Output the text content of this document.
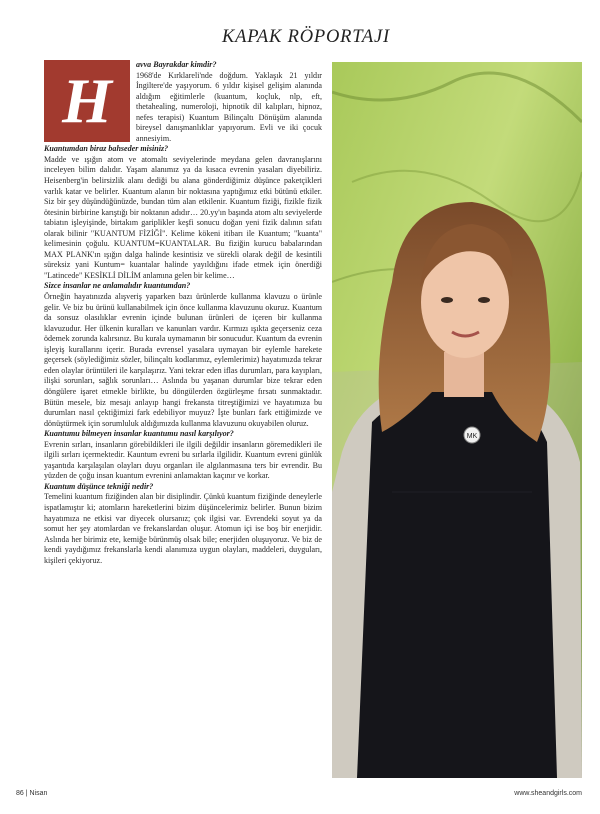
KAPAK RÖPORTAJI
H

avva Bayrakdar kimdir?

1968'de Kırklareli'nde doğdum. Yaklaşık 21 yıldır İngiltere'de yaşıyorum. 6 yıldır kişisel gelişim alanında aldığım eğitimlerle (kuantum, koçluk, nlp, eft, thetahealing, numeroloji, hipnotik dil kalıpları, hipnoz, nefes terapisi) Kuantum Bilinçaltı Dönüşüm alanında bireysel danışmanlıklar yapıyorum. Evli ve iki çocuk annesiyim.

Kuantumdan biraz bahseder misiniz?

Madde ve ışığın atom ve atomaltı seviyelerinde meydana gelen davranışlarını inceleyen bilim dalıdır. Yaşam alanımız ya da kısaca evrenin yasaları diyebiliriz. Heisenberg'in belirsizlik alanı dediği bu alana gönderdiğimiz düşünce paketçikleri varlık katar ve belirler. Kuantum alanın bir noktasına yaptığımız etki bütünü etkiler. Siz bir şey düşündüğünüzde, bundan tüm alan etkilenir. Kuantum fiziği, fizikle fizik ötesinin birbirine karıştığı bir noktanın adıdır… 20.yy'ın başında atom altı seviyelerde tabiatın işleyişinde, birtakım gariplikler keşfi sonucu doğan yeni fizik dalının sıfatı olarak bilinir "KUANTUM FİZİĞİ". Kelime kökeni itibarı ile Kuantum; "kuanta" kelimesinin çoğulu. KUANTUM=KUANTALAR. Bu fiziğin kurucu babalarından MAX PLANK'ın ışığın dalga halinde kesintisiz ve sürekli olarak değil de kesintili süreksiz yani Kuntum= kuantalar halinde yayıldığını ifade etmek için önerdiği "Latincede" KESİKLİ DİLİM anlamına gelen bir kelime…

Sizce insanlar ne anlamalıdır kuantumdan?

Örneğin hayatınızda alışveriş yaparken bazı ürünlerde kullanma klavuzu o ürünle gelir. Ve biz bu ürünü kullanabilmek için önce kullanma klavuzunu okuruz. Kuantum da sonsuz olasılıklar evrenin içinde bulunan ürünleri de içeren bir kullanma klavuzudur. Her ülkenin kuralları ve kanunları vardır. Kırmızı ışıkta geçerseniz ceza ödemek zorunda kalırsınız. Bu kurala uymamanın bir sonucudur. Kuantum da evrenin işleyiş kurallarını içerir. Burada evrensel yasalara uymayan bir eylemle harekete geçersek (söylediğimiz sözler, bilinçaltı kodlarımız, eylemlerimiz) hayatımızda tekrar eden olaylar örüntüleri ile karşılaşırız. Yani tekrar eden iflas durumları, para kayıpları, ilişki sorunları, sağlık sorunları… Aslında bu yaşanan durumlar bize tekrar eden döngülere işaret etmekle birlikte, bu döngülerden özgürleşme fırsatı sunmaktadır. Bütün mesele, biz mesajı anlayıp hangi frekansta titreştiğimizi ve hayatımıza bu durumları nasıl çektiğimizi fark edebiliyor muyuz? İşte bunları fark ettiğimizde ve dönüştürmek için sorumluluk aldığımızda kullanma klavuzunu okuyabilen oluruz.

Kuantumu bilmeyen insanlar kuantumu nasıl karşılıyor?

Evrenin sırları, insanların görebildikleri ile ilgili değildir insanların göremedikleri ile ilgili sırları içermektedir. Kauntum evreni bu sırlarla ilgilidir. Kuantum evreni günlük yaşantıda karşılaşılan olayları duyu organları ile algılanmasına ters bir evrendir. Bu yüzden de çoğu insan kuantum evrenini anlamaktan kaçınır ve korkar.

Kuantum düşünce tekniği nedir?

Temelini kuantum fiziğinden alan bir disiplindir. Çünkü kuantum fiziğinde deneylerle ispatlamıştır ki; atomların hareketlerini bizim düşüncelerimiz belirler. Bunun bizim hayatımıza ne etkisi var diyecek olursanız; çok ilgisi var. Evrendeki soyut ya da somut her şey atomlardan ve frekanslardan oluşur. Atomun içi ise boş bir enerjidir. Aslında her birimiz ete, kemiğe bürünmüş olsak bile; enerjiden oluşuyoruz. Ve biz de kendi yaydığımız frekanslarla kendi alanımıza uygun olayları, maddeleri, duyguları, kişileri çekiyoruz.

MK
86 | Nisan	www.sheandgirls.com
